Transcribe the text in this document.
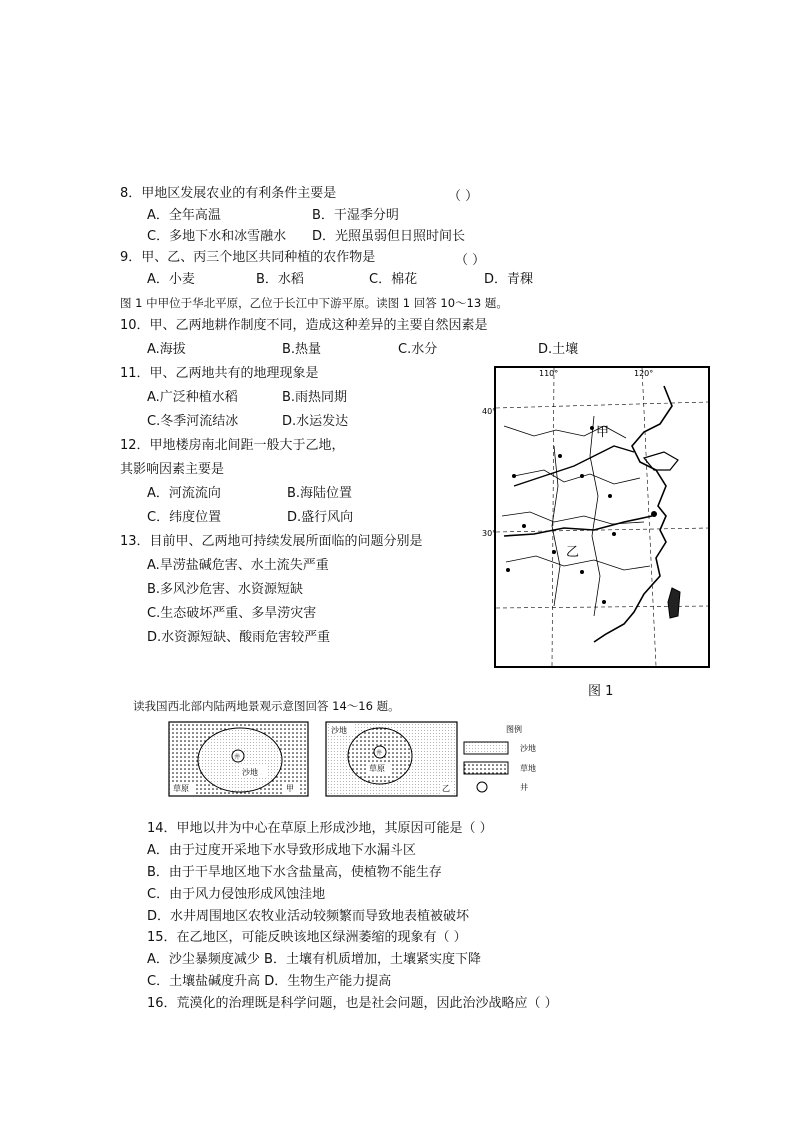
8．甲地区发展农业的有利条件主要是	（ ）
A．全年高温	B．干湿季分明
C．多地下水和冰雪融水 D．光照虽弱但日照时间长
9．甲、乙、丙三个地区共同种植的农作物是	（ ）
A．小麦	B．水稻	C．棉花	D．青稞
图 1 中甲位于华北平原，乙位于长江中下游平原。读图 1 回答 10～13 题。
10．甲、乙两地耕作制度不同，造成这种差异的主要自然因素是
A.海拔	B.热量	C.水分	D.土壤
11．甲、乙两地共有的地理现象是
A.广泛种植水稻	B.雨热同期
C.冬季河流结冰	D.水运发达
12．甲地楼房南北间距一般大于乙地，
其影响因素主要是
A．河流流向	B.海陆位置
C．纬度位置	D.盛行风向
13．目前甲、乙两地可持续发展所面临的问题分别是
A.旱涝盐碱危害、水土流失严重
B.多风沙危害、水资源短缺
C.生态破坏严重、多旱涝灾害
D.水资源短缺、酸雨危害较严重
110°	120°
40°
30°
甲
乙
图 1
读我国西北部内陆两地景观示意图回答 14～16 题。
井
沙地
草原	甲
井
沙地
草原
乙
图例
沙地
草地
井
14．甲地以井为中心在草原上形成沙地，其原因可能是（ ）
A．由于过度开采地下水导致形成地下水漏斗区
B．由于干旱地区地下水含盐量高，使植物不能生存
C．由于风力侵蚀形成风蚀洼地
D．水井周围地区农牧业活动较频繁而导致地表植被破坏
15．在乙地区，可能反映该地区绿洲萎缩的现象有（ ）
A．沙尘暴频度减少 B．土壤有机质增加，土壤紧实度下降
C．土壤盐碱度升高 D．生物生产能力提高
16．荒漠化的治理既是科学问题，也是社会问题，因此治沙战略应（ ）
